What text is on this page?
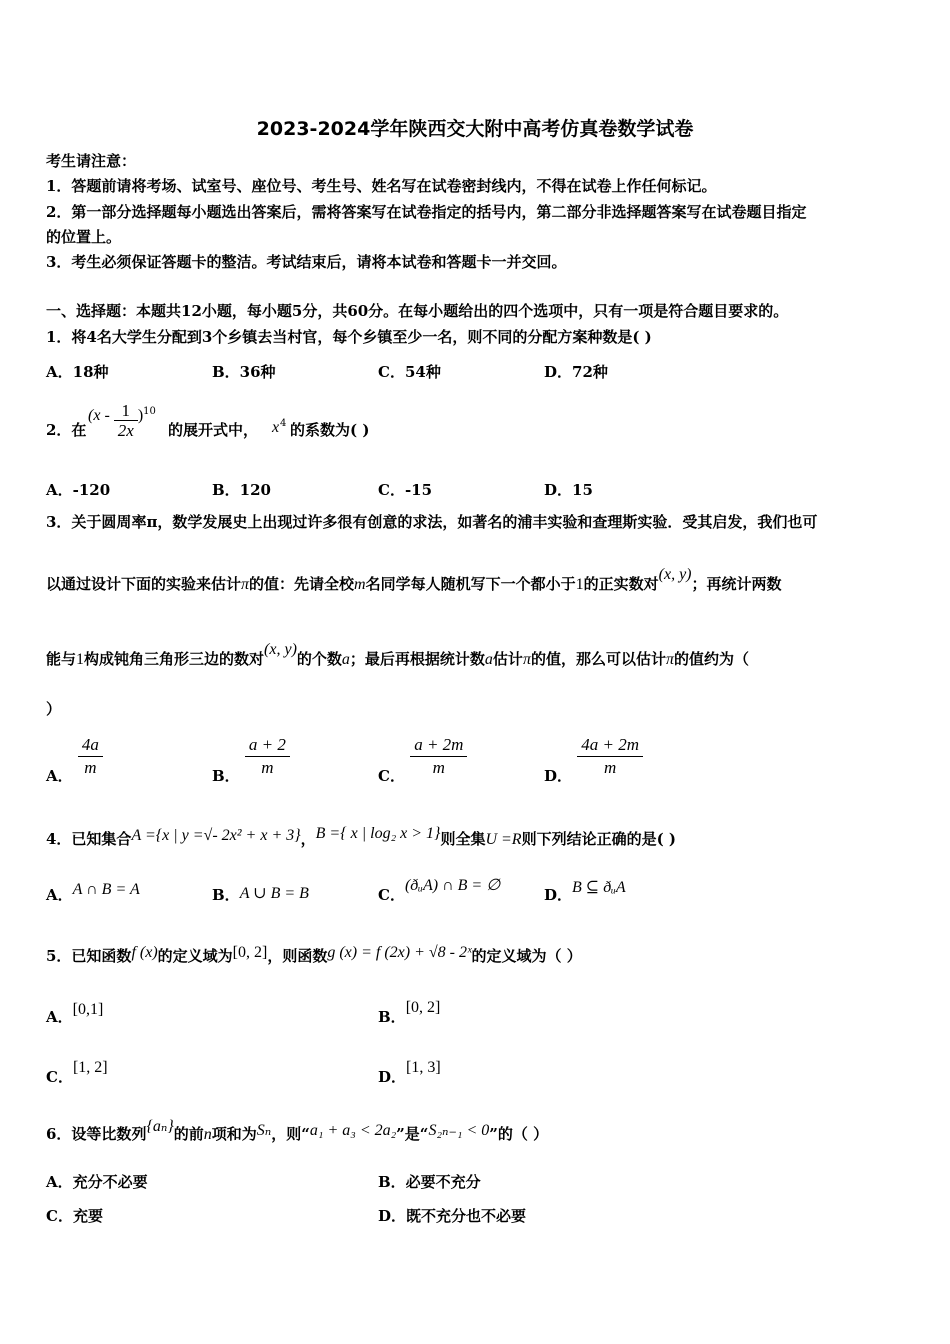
2023-2024学年陕西交大附中高考仿真卷数学试卷
考生请注意：
1．答题前请将考场、试室号、座位号、考生号、姓名写在试卷密封线内，不得在试卷上作任何标记。
2．第一部分选择题每小题选出答案后，需将答案写在试卷指定的括号内，第二部分非选择题答案写在试卷题目指定
的位置上。
3．考生必须保证答题卡的整洁。考试结束后，请将本试卷和答题卡一并交回。
一、选择题：本题共12小题，每小题5分，共60分。在每小题给出的四个选项中，只有一项是符合题目要求的。
1．将4名大学生分配到3个乡镇去当村官，每个乡镇至少一名，则不同的分配方案种数是( )
A．18种	B．36种	C．54种	D．72种
2．在
$(x - \frac{1}{2x} )^{10}$
的展开式中， x 4 的系数为( )
A．-120	B．120	C．-15	D．15
3．关于圆周率π，数学发展史上出现过许多很有创意的求法，如著名的浦丰实验和查理斯实验．受其启发，我们也可
以通过设计下面的实验来估计π的值：先请全校m名同学每人随机写下一个都小于1的正实数对(x, y)；再统计两数
能与1构成钝角三角形三边的数对(x, y)的个数a；最后再根据统计数a估计π的值，那么可以估计π的值约为（
）
A． $\frac{4a}{m}$	B． $\frac{a + 2}{m}$	C． $\frac{a + 2m}{m}$	D． $\frac{4a + 2m}{m}$
4．已知集合A ={x | y =√- 2x² + x + 3}，B ={ x | log₂ x > 1}则全集U =R则下列结论正确的是( )
A．A ∩ B = A	B．A ∪ B = B	C．(ðᵤA) ∩ B = ∅
D．B ⊆ ðᵤA
5．已知函数f (x)的定义域为[0, 2]，则函数g (x) = f (2x) + √8 - 2ˣ的定义域为（ ）
A．[0,1]	B．[0, 2]
C．[1, 2]
D．[1, 3]
6．设等比数列{aₙ}的前n项和为Sₙ，则“a₁ + a₃ < 2a₂”是“S₂ₙ₋₁ < 0”的（ ）
A．充分不必要	B．必要不充分
C．充要	D．既不充分也不必要
